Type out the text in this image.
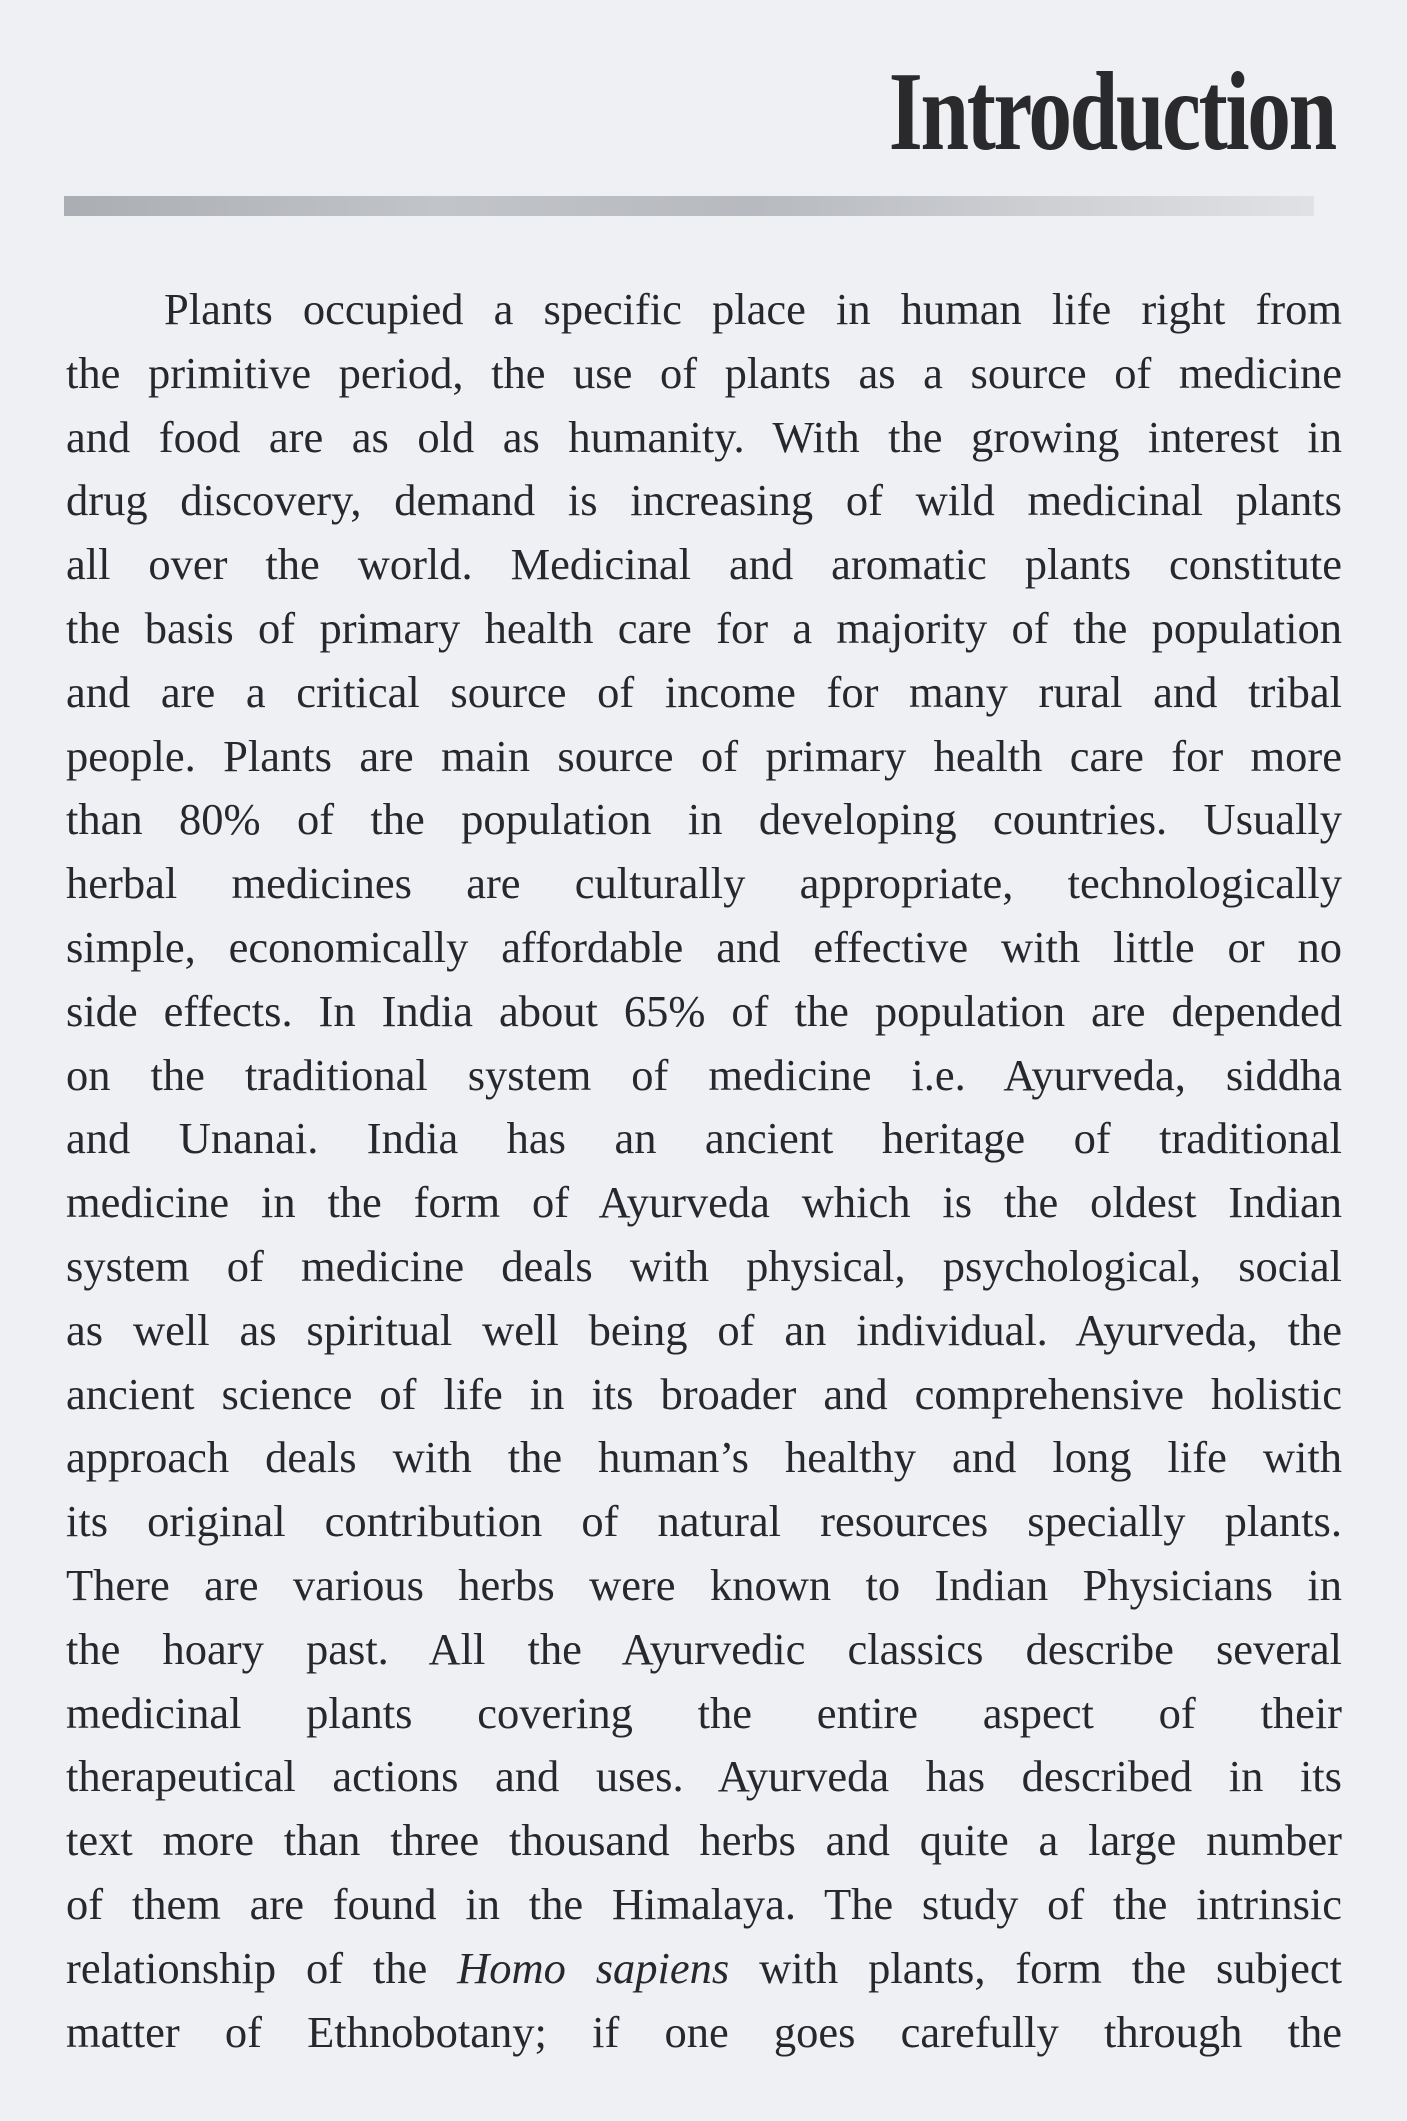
Introduction
Plants occupied a specific place in human life right from
the primitive period, the use of plants as a source of medicine
and food are as old as humanity. With the growing interest in
drug discovery, demand is increasing of wild medicinal plants
all over the world. Medicinal and aromatic plants constitute
the basis of primary health care for a majority of the population
and are a critical source of income for many rural and tribal
people. Plants are main source of primary health care for more
than 80% of the population in developing countries. Usually
herbal medicines are culturally appropriate, technologically
simple, economically affordable and effective with little or no
side effects. In India about 65% of the population are depended
on the traditional system of medicine i.e. Ayurveda, siddha
and Unanai. India has an ancient heritage of traditional
medicine in the form of Ayurveda which is the oldest Indian
system of medicine deals with physical, psychological, social
as well as spiritual well being of an individual. Ayurveda, the
ancient science of life in its broader and comprehensive holistic
approach deals with the human’s healthy and long life with
its original contribution of natural resources specially plants.
There are various herbs were known to Indian Physicians in
the hoary past. All the Ayurvedic classics describe several
medicinal plants covering the entire aspect of their
therapeutical actions and uses. Ayurveda has described in its
text more than three thousand herbs and quite a large number
of them are found in the Himalaya. The study of the intrinsic
relationship of the Homo sapiens with plants, form the subject
matter of Ethnobotany; if one goes carefully through the
